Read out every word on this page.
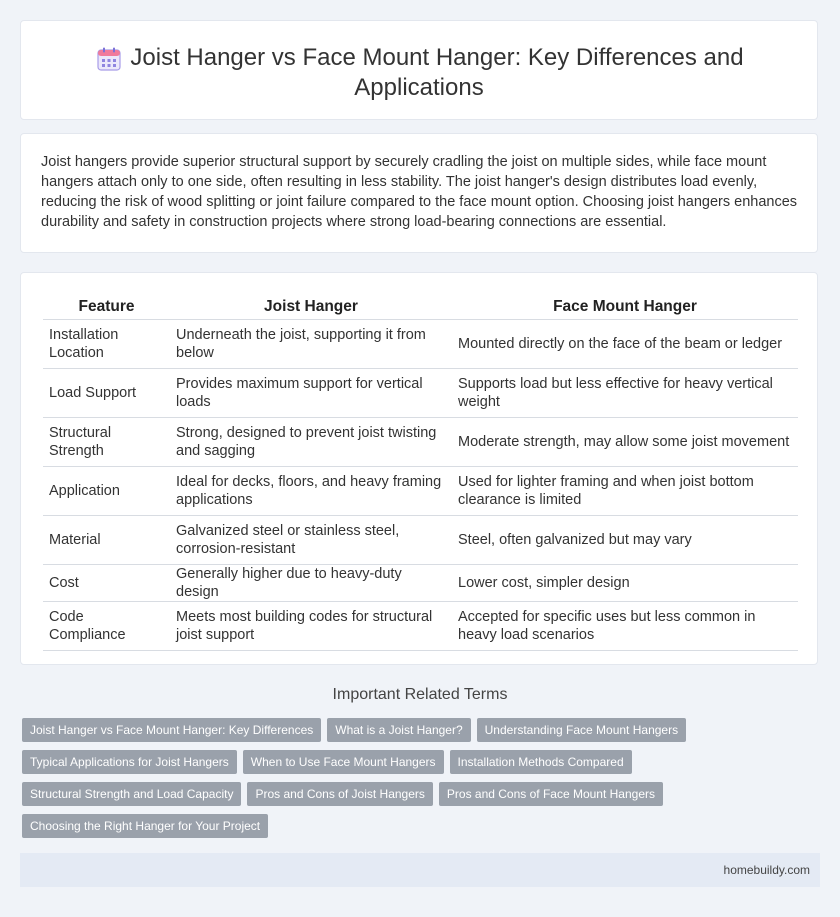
Joist Hanger vs Face Mount Hanger: Key Differences and
Applications

Joist hangers provide superior structural support by securely cradling the joist on multiple sides, while face mount hangers attach only to one side, often resulting in less stability. The joist hanger's design distributes load evenly, reducing the risk of wood splitting or joint failure compared to the face mount option. Choosing joist hangers enhances durability and safety in construction projects where strong load-bearing connections are essential.

Feature	Joist Hanger	Face Mount Hanger
Installation Location	Underneath the joist, supporting it from below	Mounted directly on the face of the beam or ledger
Load Support	Provides maximum support for vertical loads	Supports load but less effective for heavy vertical weight
Structural Strength	Strong, designed to prevent joist twisting and sagging	Moderate strength, may allow some joist movement
Application	Ideal for decks, floors, and heavy framing applications	Used for lighter framing and when joist bottom clearance is limited
Material	Galvanized steel or stainless steel, corrosion-resistant	Steel, often galvanized but may vary
Cost	Generally higher due to heavy-duty design	Lower cost, simpler design
Code Compliance	Meets most building codes for structural joist support	Accepted for specific uses but less common in heavy load scenarios
Important Related Terms
Joist Hanger vs Face Mount Hanger: Key Differences	What is a Joist Hanger?	Understanding Face Mount Hangers
Typical Applications for Joist Hangers	When to Use Face Mount Hangers	Installation Methods Compared
Structural Strength and Load Capacity	Pros and Cons of Joist Hangers	Pros and Cons of Face Mount Hangers
Choosing the Right Hanger for Your Project
homebuildy.com
